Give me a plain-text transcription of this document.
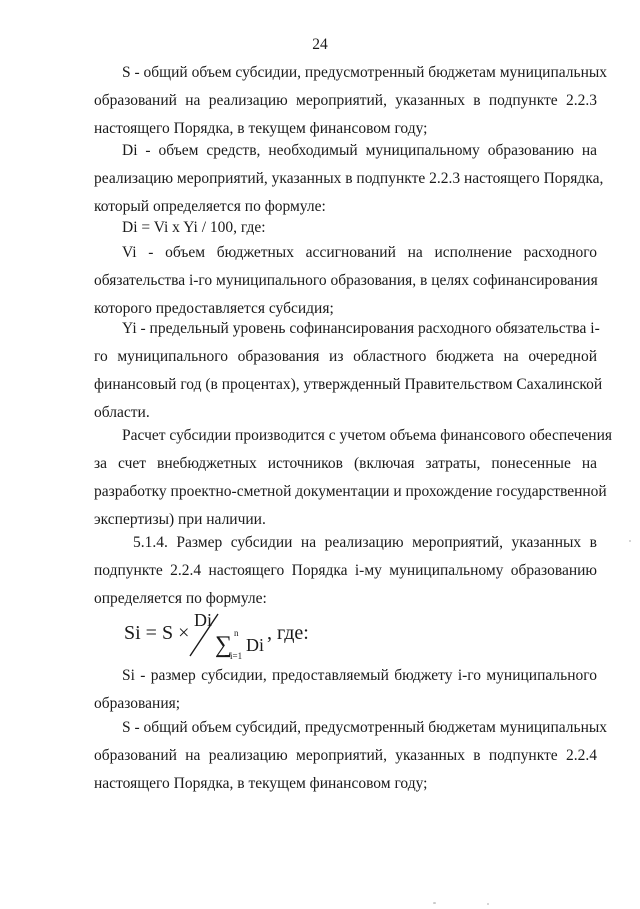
24
S - общий объем субсидии, предусмотренный бюджетам муниципальных
образований на реализацию мероприятий, указанных в подпункте 2.2.3
настоящего Порядка, в текущем финансовом году;
Di - объем средств, необходимый муниципальному образованию на
реализацию мероприятий, указанных в подпункте 2.2.3 настоящего Порядка,
который определяется по формуле:
Di = Vi x Yi / 100, где:
Vi - объем бюджетных ассигнований на исполнение расходного
обязательства i-го муниципального образования, в целях софинансирования
которого предоставляется субсидия;
Yi - предельный уровень софинансирования расходного обязательства i-
го муниципального образования из областного бюджета на очередной
финансовый год (в процентах), утвержденный Правительством Сахалинской
области.
Расчет субсидии производится с учетом объема финансового обеспечения
за счет внебюджетных источников (включая затраты, понесенные на
разработку проектно-сметной документации и прохождение государственной
экспертизы) при наличии.
5.1.4. Размер субсидии на реализацию мероприятий, указанных в
подпункте 2.2.4 настоящего Порядка i-му муниципальному образованию
определяется по формуле:
Si = S ×
Di
∑ n
i=1
Di
, где:
Si - размер субсидии, предоставляемый бюджету i-го муниципального
образования;
S - общий объем субсидий, предусмотренный бюджетам муниципальных
образований на реализацию мероприятий, указанных в подпункте 2.2.4
настоящего Порядка, в текущем финансовом году;
